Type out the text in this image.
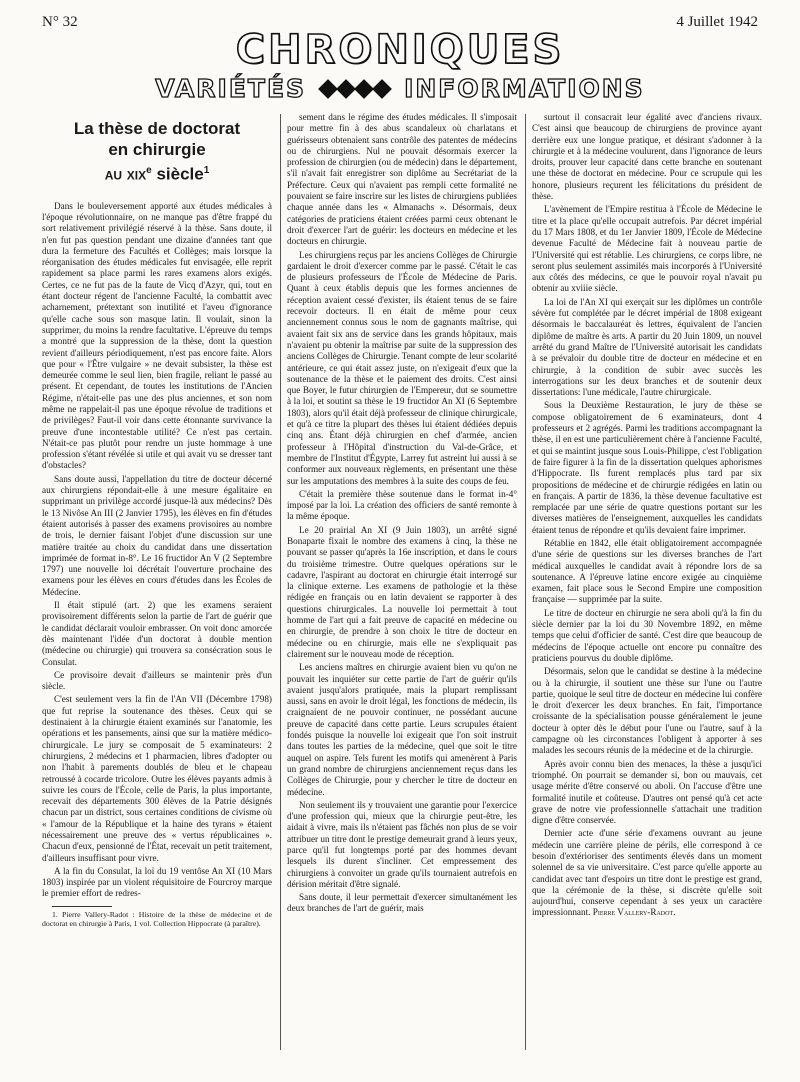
N° 32	4 Juillet 1942
CHRONIQUES
VARIÉTÉS	INFORMATIONS
La thèse de doctorat
en chirurgie
au xix$^e$ siècle$^1$

Dans le bouleversement apporté aux études médicales à l'époque révolutionnaire, on ne manque pas d'être frappé du sort relativement privilégié réservé à la thèse. Sans doute, il n'en fut pas question pendant une dizaine d'années tant que dura la fermeture des Facultés et Collèges; mais lorsque la réorganisation des études médicales fut envisagée, elle reprit rapidement sa place parmi les rares examens alors exigés. Certes, ce ne fut pas de la faute de Vicq d'Azyr, qui, tout en étant docteur régent de l'ancienne Faculté, la combattit avec acharnement, prétextant son inutilité et l'aveu d'ignorance qu'elle cache sous son masque latin. Il voulait, sinon la supprimer, du moins la rendre facultative. L'épreuve du temps a montré que la suppression de la thèse, dont la question revient d'ailleurs périodiquement, n'est pas encore faite. Alors que pour « l'Être vulgaire » ne devait subsister, la thèse est demeurée comme le seul lien, bien fragile, reliant le passé au présent. Et cependant, de toutes les institutions de l'Ancien Régime, n'était-elle pas une des plus anciennes, et son nom même ne rappelait-il pas une époque révolue de traditions et de privilèges? Faut-il voir dans cette étonnante survivance la preuve d'une incontestable utilité? Ce n'est pas certain. N'était-ce pas plutôt pour rendre un juste hommage à une profession s'étant révélée si utile et qui avait vu se dresser tant d'obstacles?

Sans doute aussi, l'appellation du titre de docteur décerné aux chirurgiens répondait-elle à une mesure égalitaire en supprimant un privilège accordé jusque-là aux médecins? Dès le 13 Nivôse An III (2 Janvier 1795), les élèves en fin d'études étaient autorisés à passer des examens provisoires au nombre de trois, le dernier faisant l'objet d'une discussion sur une matière traitée au choix du candidat dans une dissertation imprimée de format in-8°. Le 16 fructidor An V (2 Septembre 1797) une nouvelle loi décrétait l'ouverture prochaine des examens pour les élèves en cours d'études dans les Écoles de Médecine.

Il était stipulé (art. 2) que les examens seraient provisoirement différents selon la partie de l'art de guérir que le candidat déclarait vouloir embrasser. On voit donc amorcée dès maintenant l'idée d'un doctorat à double mention (médecine ou chirurgie) qui trouvera sa consécration sous le Consulat.

Ce provisoire devait d'ailleurs se maintenir près d'un siècle.

C'est seulement vers la fin de l'An VII (Décembre 1798) que fut reprise la soutenance des thèses. Ceux qui se destinaient à la chirurgie étaient examinés sur l'anatomie, les opérations et les pansements, ainsi que sur la matière médico-chirurgicale. Le jury se composait de 5 examinateurs: 2 chirurgiens, 2 médecins et 1 pharmacien, libres d'adopter ou non l'habit à parements doublés de bleu et le chapeau retroussé à cocarde tricolore. Outre les élèves payants admis à suivre les cours de l'École, celle de Paris, la plus importante, recevait des départements 300 élèves de la Patrie désignés chacun par un district, sous certaines conditions de civisme où « l'amour de la République et la haine des tyrans » étaient nécessairement une preuve des « vertus républicaines ». Chacun d'eux, pensionné de l'État, recevait un petit traitement, d'ailleurs insuffisant pour vivre.

A la fin du Consulat, la loi du 19 ventôse An XI (10 Mars 1803) inspirée par un violent réquisitoire de Fourcroy marque le premier effort de redres-

1. Pierre Vallery-Radot : Histoire de la thèse de médecine et de doctorat en chirurgie à Paris, 1 vol. Collection Hippocrate (à paraître).

sement dans le régime des études médicales. Il s'imposait pour mettre fin à des abus scandaleux où charlatans et guérisseurs obtenaient sans contrôle des patentes de médecins ou de chirurgiens. Nul ne pouvait désormais exercer la profession de chirurgien (ou de médecin) dans le département, s'il n'avait fait enregistrer son diplôme au Secrétariat de la Préfecture. Ceux qui n'avaient pas rempli cette formalité ne pouvaient se faire inscrire sur les listes de chirurgiens publiées chaque année dans les « Almanachs ». Désormais, deux catégories de praticiens étaient créées parmi ceux obtenant le droit d'exercer l'art de guérir: les docteurs en médecine et les docteurs en chirurgie.

Les chirurgiens reçus par les anciens Collèges de Chirurgie gardaient le droit d'exercer comme par le passé. C'était le cas de plusieurs professeurs de l'École de Médecine de Paris. Quant à ceux établis depuis que les formes anciennes de réception avaient cessé d'exister, ils étaient tenus de se faire recevoir docteurs. Il en était de même pour ceux anciennement connus sous le nom de gagnants maîtrise, qui avaient fait six ans de service dans les grands hôpitaux, mais n'avaient pu obtenir la maîtrise par suite de la suppression des anciens Collèges de Chirurgie. Tenant compte de leur scolarité antérieure, ce qui était assez juste, on n'exigeait d'eux que la soutenance de la thèse et le paiement des droits. C'est ainsi que Boyer, le futur chirurgien de l'Empereur, dut se soumettre à la loi, et soutint sa thèse le 19 fructidor An XI (6 Septembre 1803), alors qu'il était déjà professeur de clinique chirurgicale, et qu'à ce titre la plupart des thèses lui étaient dédiées depuis cinq ans. Étant déjà chirurgien en chef d'armée, ancien professeur à l'Hôpital d'instruction du Val-de-Grâce, et membre de l'Institut d'Égypte, Larrey fut astreint lui aussi à se conformer aux nouveaux règlements, en présentant une thèse sur les amputations des membres à la suite des coups de feu.

C'était la première thèse soutenue dans le format in-4° imposé par la loi. La création des officiers de santé remonte à la même époque.

Le 20 prairial An XI (9 Juin 1803), un arrêté signé Bonaparte fixait le nombre des examens à cinq, la thèse ne pouvant se passer qu'après la 16e inscription, et dans le cours du troisième trimestre. Outre quelques opérations sur le cadavre, l'aspirant au doctorat en chirurgie était interrogé sur la clinique externe. Les examens de pathologie et la thèse rédigée en français ou en latin devaient se rapporter à des questions chirurgicales. La nouvelle loi permettait à tout homme de l'art qui a fait preuve de capacité en médecine ou en chirurgie, de prendre à son choix le titre de docteur en médecine ou en chirurgie, mais elle ne s'expliquait pas clairement sur le nouveau mode de réception.

Les anciens maîtres en chirurgie avaient bien vu qu'on ne pouvait les inquiéter sur cette partie de l'art de guérir qu'ils avaient jusqu'alors pratiquée, mais la plupart remplissant aussi, sans en avoir le droit légal, les fonctions de médecin, ils craignaient de ne pouvoir continuer, ne possédant aucune preuve de capacité dans cette partie. Leurs scrupules étaient fondés puisque la nouvelle loi exigeait que l'on soit instruit dans toutes les parties de la médecine, quel que soit le titre auquel on aspire. Tels furent les motifs qui amenèrent à Paris un grand nombre de chirurgiens anciennement reçus dans les Collèges de Chirurgie, pour y chercher le titre de docteur en médecine.

Non seulement ils y trouvaient une garantie pour l'exercice d'une profession qui, mieux que la chirurgie peut-être, les aidait à vivre, mais ils n'étaient pas fâchés non plus de se voir attribuer un titre dont le prestige demeurait grand à leurs yeux, parce qu'il fut longtemps porté par des hommes devant lesquels ils durent s'incliner. Cet empressement des chirurgiens à convoiter un grade qu'ils tournaient autrefois en dérision méritait d'être signalé.

Sans doute, il leur permettait d'exercer simultanément les deux branches de l'art de guérir, mais

surtout il consacrait leur égalité avec d'anciens rivaux. C'est ainsi que beaucoup de chirurgiens de province ayant derrière eux une longue pratique, et désirant s'adonner à la chirurgie et à la médecine voulurent, dans l'ignorance de leurs droits, prouver leur capacité dans cette branche en soutenant une thèse de doctorat en médecine. Pour ce scrupule qui les honore, plusieurs reçurent les félicitations du président de thèse.

L'avènement de l'Empire restitua à l'École de Médecine le titre et la place qu'elle occupait autrefois. Par décret impérial du 17 Mars 1808, et du 1er Janvier 1809, l'École de Médecine devenue Faculté de Médecine fait à nouveau partie de l'Université qui est rétablie. Les chirurgiens, ce corps libre, ne seront plus seulement assimilés mais incorporés à l'Université aux côtés des médecins, ce que le pouvoir royal n'avait pu obtenir au xviiie siècle.

La loi de l'An XI qui exerçait sur les diplômes un contrôle sévère fut complétée par le décret impérial de 1808 exigeant désormais le baccalauréat ès lettres, équivalent de l'ancien diplôme de maître ès arts. A partir du 20 Juin 1809, un nouvel arrêté du grand Maître de l'Université autorisait les candidats à se prévaloir du double titre de docteur en médecine et en chirurgie, à la condition de subir avec succès les interrogations sur les deux branches et de soutenir deux dissertations: l'une médicale, l'autre chirurgicale.

Sous la Deuxième Restauration, le jury de thèse se compose obligatoirement de 6 examinateurs, dont 4 professeurs et 2 agrégés. Parmi les traditions accompagnant la thèse, il en est une particulièrement chère à l'ancienne Faculté, et qui se maintint jusque sous Louis-Philippe, c'est l'obligation de faire figurer à la fin de la dissertation quelques aphorismes d'Hippocrate. Ils furent remplacés plus tard par six propositions de médecine et de chirurgie rédigées en latin ou en français. A partir de 1836, la thèse devenue facultative est remplacée par une série de quatre questions portant sur les diverses matières de l'enseignement, auxquelles les candidats étaient tenus de répondre et qu'ils devaient faire imprimer.

Rétablie en 1842, elle était obligatoirement accompagnée d'une série de questions sur les diverses branches de l'art médical auxquelles le candidat avait à répondre lors de sa soutenance. A l'épreuve latine encore exigée au cinquième examen, fait place sous le Second Empire une composition française — supprimée par la suite.

Le titre de docteur en chirurgie ne sera aboli qu'à la fin du siècle dernier par la loi du 30 Novembre 1892, en même temps que celui d'officier de santé. C'est dire que beaucoup de médecins de l'époque actuelle ont encore pu connaître des praticiens pourvus du double diplôme.

Désormais, selon que le candidat se destine à la médecine ou à la chirurgie, il soutient une thèse sur l'une ou l'autre partie, quoique le seul titre de docteur en médecine lui confère le droit d'exercer les deux branches. En fait, l'importance croissante de la spécialisation pousse généralement le jeune docteur à opter dès le début pour l'une ou l'autre, sauf à la campagne où les circonstances l'obligent à apporter à ses malades les secours réunis de la médecine et de la chirurgie.

Après avoir connu bien des menaces, la thèse a jusqu'ici triomphé. On pourrait se demander si, bon ou mauvais, cet usage mérite d'être conservé ou aboli. On l'accuse d'être une formalité inutile et coûteuse. D'autres ont pensé qu'à cet acte grave de notre vie professionnelle s'attachait une tradition digne d'être conservée.

Dernier acte d'une série d'examens ouvrant au jeune médecin une carrière pleine de périls, elle correspond à ce besoin d'extérioriser des sentiments élevés dans un moment solennel de sa vie universitaire. C'est parce qu'elle apporte au candidat avec tant d'espoirs un titre dont le prestige est grand, que la cérémonie de la thèse, si discrète qu'elle soit aujourd'hui, conserve cependant à ses yeux un caractère impressionnant. Pierre Vallery-Radot.
